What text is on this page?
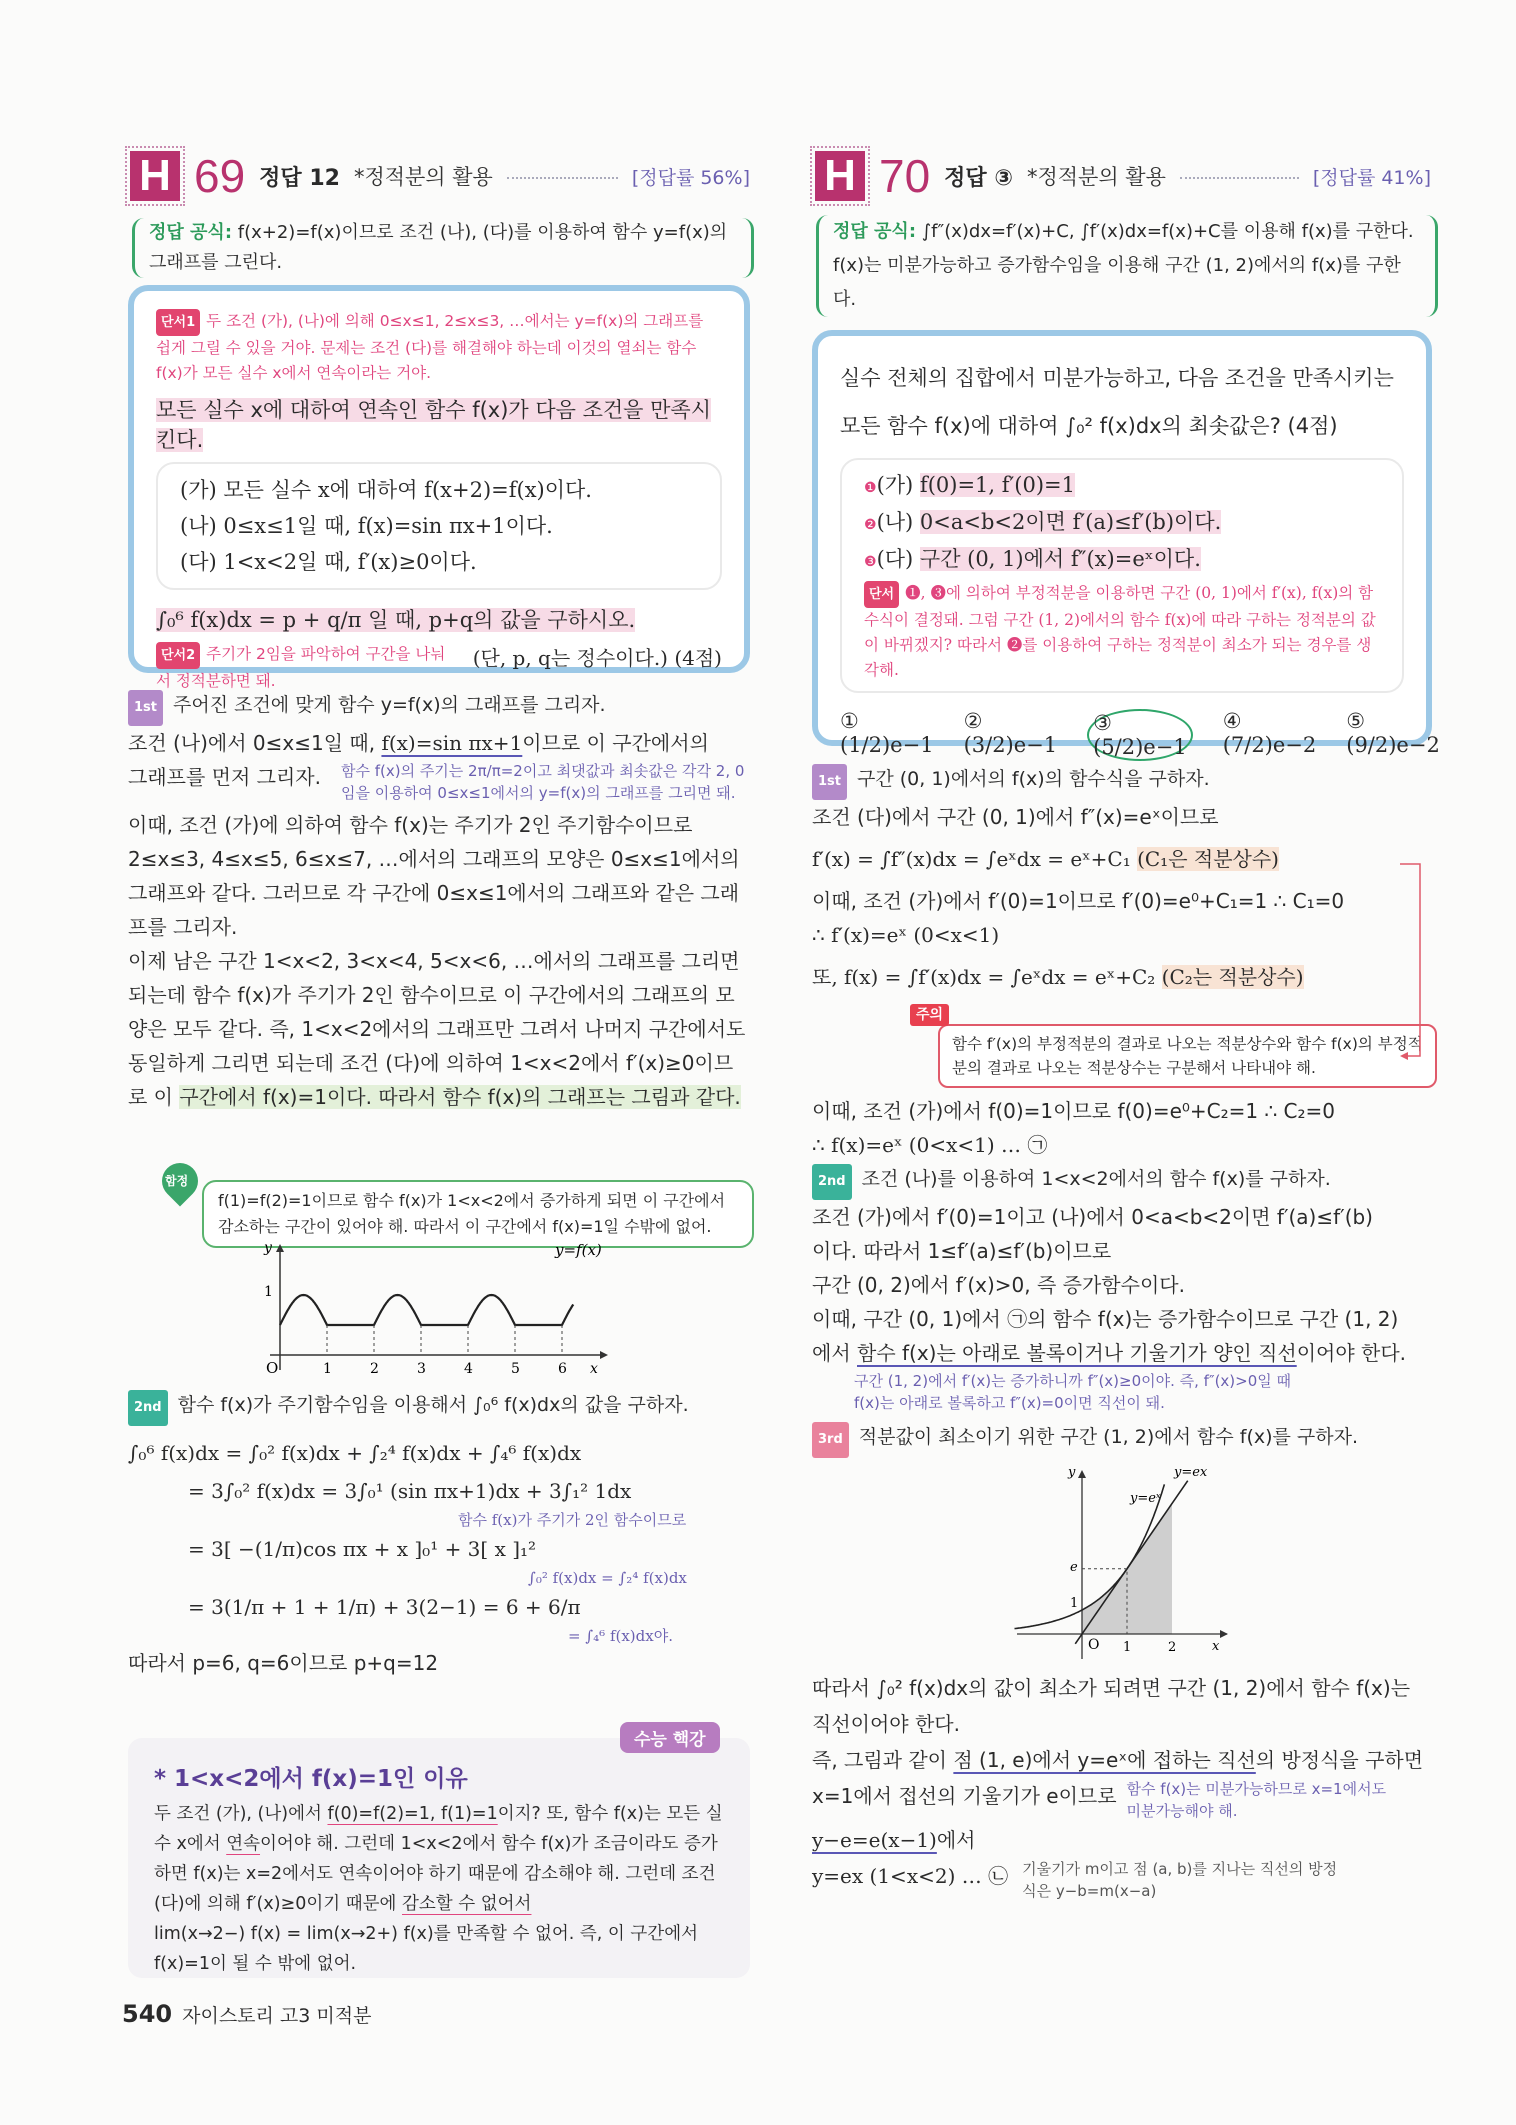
H 69 정답 12 *정적분의 활용	[정답률 56%]
정답 공식: f(x+2)=f(x)이므로 조건 (나), (다)를 이용하여 함수 y=f(x)의 그래프를 그린다.
단서1 두 조건 (가), (나)에 의해 0≤x≤1, 2≤x≤3, …에서는 y=f(x)의 그래프를 쉽게 그릴 수 있을 거야. 문제는 조건 (다)를 해결해야 하는데 이것의 열쇠는 함수 f(x)가 모든 실수 x에서 연속이라는 거야.
모든 실수 x에 대하여 연속인 함수 f(x)가 다음 조건을 만족시킨다.
(가) 모든 실수 x에 대하여 f(x+2)=f(x)이다.
(나) 0≤x≤1일 때, f(x)=sin πx+1이다.
(다) 1<x<2일 때, f′(x)≥0이다.
∫₀⁶ f(x)dx = p + q/π 일 때, p+q의 값을 구하시오.
단서2 주기가 2임을 파악하여 구간을 나눠서 정적분하면 돼.
(단, p, q는 정수이다.) (4점)
1st 주어진 조건에 맞게 함수 y=f(x)의 그래프를 그리자.
조건 (나)에서 0≤x≤1일 때, f(x)=sin πx+1이므로 이 구간에서의
그래프를 먼저 그리자. 함수 f(x)의 주기는 2π/π=2이고 최댓값과 최솟값은 각각 2, 0임을 이용하여 0≤x≤1에서의 y=f(x)의 그래프를 그리면 돼.
이때, 조건 (가)에 의하여 함수 f(x)는 주기가 2인 주기함수이므로 2≤x≤3, 4≤x≤5, 6≤x≤7, …에서의 그래프의 모양은 0≤x≤1에서의 그래프와 같다. 그러므로 각 구간에 0≤x≤1에서의 그래프와 같은 그래프를 그리자.
이제 남은 구간 1<x<2, 3<x<4, 5<x<6, …에서의 그래프를 그리면 되는데 함수 f(x)가 주기가 2인 함수이므로 이 구간에서의 그래프의 모양은 모두 같다. 즉, 1<x<2에서의 그래프만 그려서 나머지 구간에서도 동일하게 그리면 되는데 조건 (다)에 의하여 1<x<2에서 f′(x)≥0이므로 이 구간에서 f(x)=1이다. 따라서 함수 f(x)의 그래프는 그림과 같다.
함정
f(1)=f(2)=1이므로 함수 f(x)가 1<x<2에서 증가하게 되면 이 구간에서 감소하는 구간이 있어야 해. 따라서 이 구간에서 f(x)=1일 수밖에 없어.
y
1
O	x
y=f(x)
1	2	3	4	5	6
2nd 함수 f(x)가 주기함수임을 이용해서 ∫₀⁶ f(x)dx의 값을 구하자.
∫₀⁶ f(x)dx = ∫₀² f(x)dx + ∫₂⁴ f(x)dx + ∫₄⁶ f(x)dx
= 3∫₀² f(x)dx = 3∫₀¹ (sin πx+1)dx + 3∫₁² 1dx
함수 f(x)가 주기가 2인 함수이므로
= 3[ −(1/π)cos πx + x ]₀¹ + 3[ x ]₁²
∫₀² f(x)dx = ∫₂⁴ f(x)dx
= 3(1/π + 1 + 1/π) + 3(2−1) = 6 + 6/π
= ∫₄⁶ f(x)dx야.
따라서 p=6, q=6이므로 p+q=12
* 1<x<2에서 f(x)=1인 이유
두 조건 (가), (나)에서 f(0)=f(2)=1, f(1)=1이지? 또, 함수 f(x)는 모든 실수 x에서 연속이어야 해. 그런데 1<x<2에서 함수 f(x)가 조금이라도 증가하면 f(x)는 x=2에서도 연속이어야 하기 때문에 감소해야 해. 그런데 조건 (다)에 의해 f′(x)≥0이기 때문에 감소할 수 없어서
lim(x→2−) f(x) = lim(x→2+) f(x)를 만족할 수 없어. 즉, 이 구간에서 f(x)=1이 될 수 밖에 없어.
수능 핵강
540 자이스토리 고3 미적분
H 70 정답 ③ *정적분의 활용	[정답률 41%]
정답 공식: ∫f″(x)dx=f′(x)+C, ∫f′(x)dx=f(x)+C를 이용해 f(x)를 구한다. f(x)는 미분가능하고 증가함수임을 이용해 구간 (1, 2)에서의 f(x)를 구한다.
실수 전체의 집합에서 미분가능하고, 다음 조건을 만족시키는
모든 함수 f(x)에 대하여 ∫₀² f(x)dx의 최솟값은? (4점)
❶(가) f(0)=1, f′(0)=1
❷(나) 0<a<b<2이면 f′(a)≤f′(b)이다.
❸(다) 구간 (0, 1)에서 f″(x)=eˣ이다.
단서 ❶, ❸에 의하여 부정적분을 이용하면 구간 (0, 1)에서 f′(x), f(x)의 함수식이 결정돼. 그럼 구간 (1, 2)에서의 함수 f(x)에 따라 구하는 정적분의 값이 바뀌겠지? 따라서 ❷를 이용하여 구하는 정적분이 최소가 되는 경우를 생각해.
① (1/2)e−1
② (3/2)e−1
③ (5/2)e−1
④ (7/2)e−2
⑤ (9/2)e−2
1st 구간 (0, 1)에서의 f(x)의 함수식을 구하자.
조건 (다)에서 구간 (0, 1)에서 f″(x)=eˣ이므로
f′(x) = ∫f″(x)dx = ∫eˣdx = eˣ+C₁ (C₁은 적분상수)
이때, 조건 (가)에서 f′(0)=1이므로 f′(0)=e⁰+C₁=1 ∴ C₁=0
∴ f′(x)=eˣ (0<x<1)
또, f(x) = ∫f′(x)dx = ∫eˣdx = eˣ+C₂ (C₂는 적분상수)
주의
함수 f′(x)의 부정적분의 결과로 나오는 적분상수와 함수 f(x)의 부정적분의 결과로 나오는 적분상수는 구분해서 나타내야 해.
이때, 조건 (가)에서 f(0)=1이므로 f(0)=e⁰+C₂=1 ∴ C₂=0
∴ f(x)=eˣ (0<x<1) … ㉠
2nd 조건 (나)를 이용하여 1<x<2에서의 함수 f(x)를 구하자.
조건 (가)에서 f′(0)=1이고 (나)에서 0<a<b<2이면 f′(a)≤f′(b)
이다. 따라서 1≤f′(a)≤f′(b)이므로
구간 (0, 2)에서 f′(x)>0, 즉 증가함수이다.
이때, 구간 (0, 1)에서 ㉠의 함수 f(x)는 증가함수이므로 구간 (1, 2)
에서 함수 f(x)는 아래로 볼록이거나 기울기가 양인 직선이어야 한다.
구간 (1, 2)에서 f′(x)는 증가하니까 f″(x)≥0이야. 즉, f″(x)>0일 때 f(x)는 아래로 볼록하고 f″(x)=0이면 직선이 돼.
3rd 적분값이 최소이기 위한 구간 (1, 2)에서 함수 f(x)를 구하자.
y
O	x
y=ex
y=eˣ
1
e
1	2
따라서 ∫₀² f(x)dx의 값이 최소가 되려면 구간 (1, 2)에서 함수 f(x)는
직선이어야 한다.
즉, 그림과 같이 점 (1, e)에서 y=eˣ에 접하는 직선의 방정식을 구하면
x=1에서 접선의 기울기가 e이므로 함수 f(x)는 미분가능하므로 x=1에서도 미분가능해야 해.
y−e=e(x−1)에서
y=ex (1<x<2) … ㉡ 기울기가 m이고 점 (a, b)를 지나는 직선의 방정식은 y−b=m(x−a)
